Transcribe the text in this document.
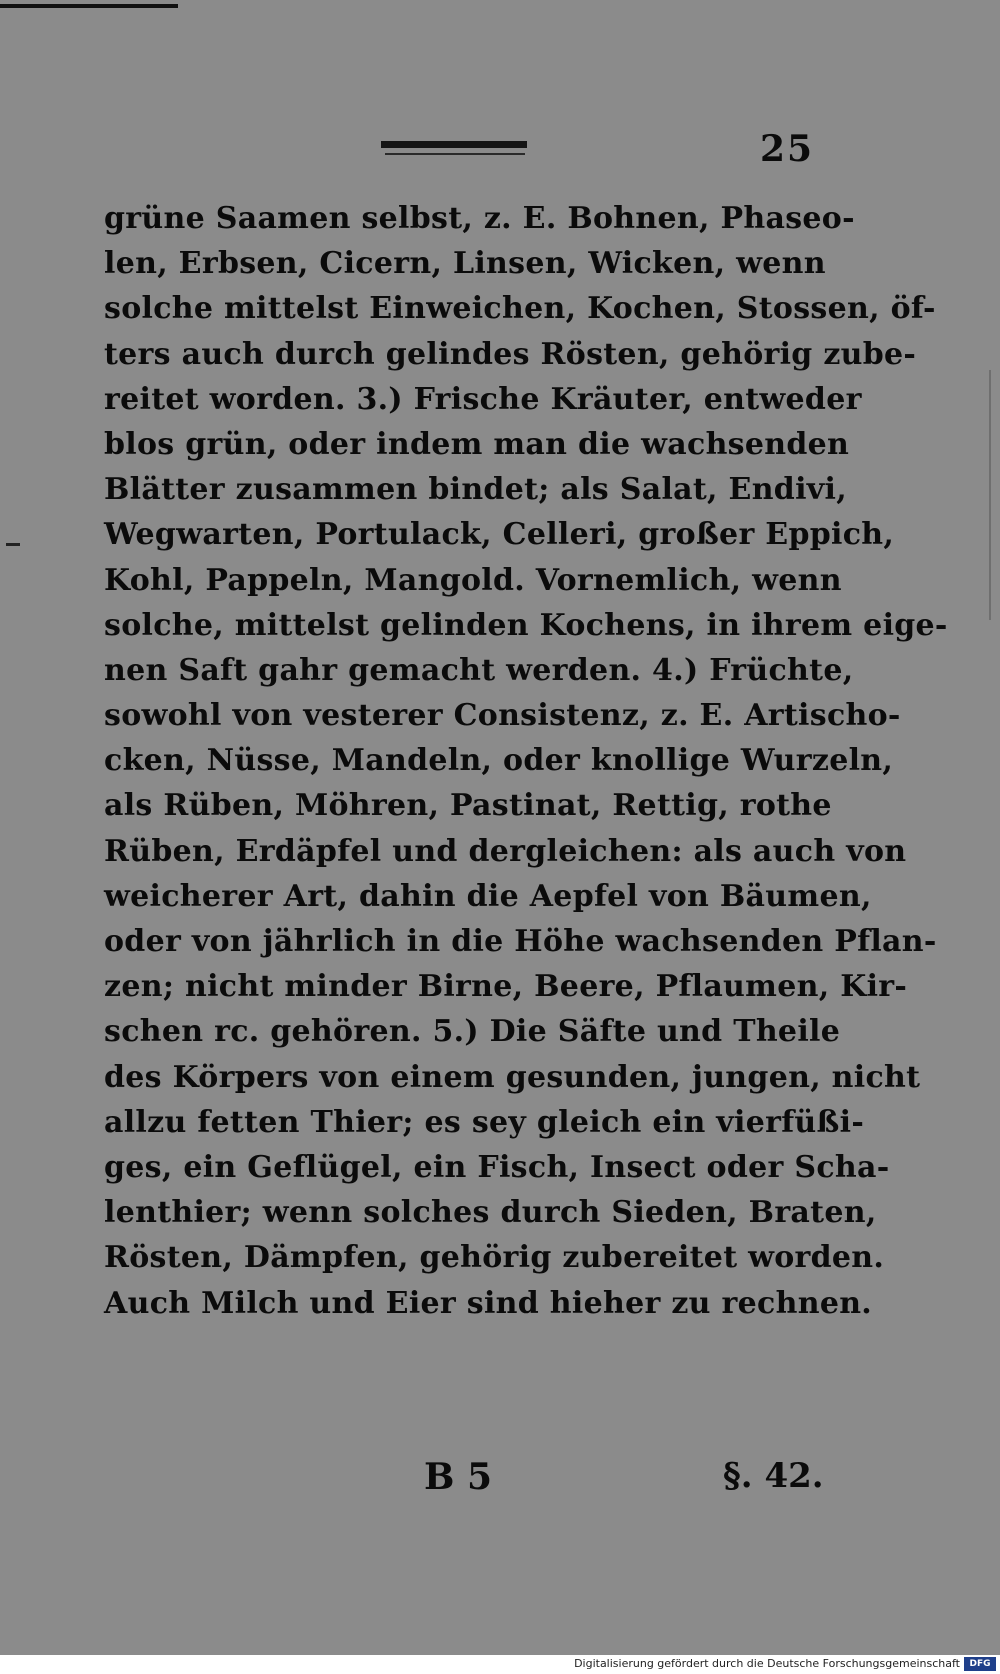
25
grüne Saamen selbst, z. E. Bohnen, Phaseo-
len, Erbsen, Cicern, Linsen, Wicken, wenn
solche mittelst Einweichen, Kochen, Stossen, öf-
ters auch durch gelindes Rösten, gehörig zube-
reitet worden. 3.) Frische Kräuter, entweder
blos grün, oder indem man die wachsenden
Blätter zusammen bindet; als Salat, Endivi,
Wegwarten, Portulack, Celleri, großer Eppich,
Kohl, Pappeln, Mangold. Vornemlich, wenn
solche, mittelst gelinden Kochens, in ihrem eige-
nen Saft gahr gemacht werden. 4.) Früchte,
sowohl von vesterer Consistenz, z. E. Artischo-
cken, Nüsse, Mandeln, oder knollige Wurzeln,
als Rüben, Möhren, Pastinat, Rettig, rothe
Rüben, Erdäpfel und dergleichen: als auch von
weicherer Art, dahin die Aepfel von Bäumen,
oder von jährlich in die Höhe wachsenden Pflan-
zen; nicht minder Birne, Beere, Pflaumen, Kir-
schen rc. gehören. 5.) Die Säfte und Theile
des Körpers von einem gesunden, jungen, nicht
allzu fetten Thier; es sey gleich ein vierfüßi-
ges, ein Geflügel, ein Fisch, Insect oder Scha-
lenthier; wenn solches durch Sieden, Braten,
Rösten, Dämpfen, gehörig zubereitet worden.
Auch Milch und Eier sind hieher zu rechnen.
B 5	§. 42.
Digitalisierung gefördert durch die Deutsche Forschungsgemeinschaft	DFG
